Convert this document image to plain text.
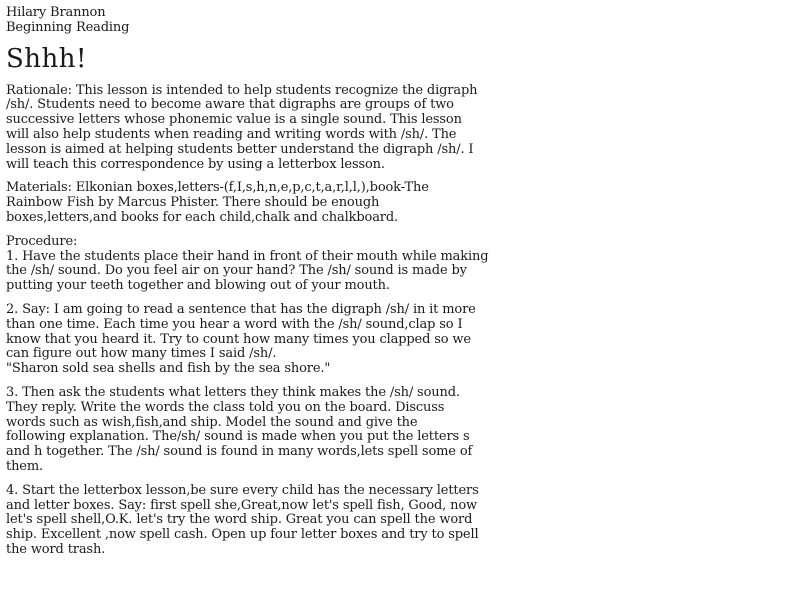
Hilary Brannon
Beginning Reading
Shhh!
Rationale: This lesson is intended to help students recognize the digraph
/sh/. Students need to become aware that digraphs are groups of two
successive letters whose phonemic value is a single sound. This lesson
will also help students when reading and writing words with /sh/. The
lesson is aimed at helping students better understand the digraph /sh/. I
will teach this correspondence by using a letterbox lesson.
Materials: Elkonian boxes,letters-(f,I,s,h,n,e,p,c,t,a,r,l,l,),book-The
Rainbow Fish by Marcus Phister. There should be enough
boxes,letters,and books for each child,chalk and chalkboard.
Procedure:
1. Have the students place their hand in front of their mouth while making
the /sh/ sound. Do you feel air on your hand? The /sh/ sound is made by
putting your teeth together and blowing out of your mouth.
2. Say: I am going to read a sentence that has the digraph /sh/ in it more
than one time. Each time you hear a word with the /sh/ sound,clap so I
know that you heard it. Try to count how many times you clapped so we
can figure out how many times I said /sh/.
"Sharon sold sea shells and fish by the sea shore."
3. Then ask the students what letters they think makes the /sh/ sound.
They reply. Write the words the class told you on the board. Discuss
words such as wish,fish,and ship. Model the sound and give the
following explanation. The/sh/ sound is made when you put the letters s
and h together. The /sh/ sound is found in many words,lets spell some of
them.
4. Start the letterbox lesson,be sure every child has the necessary letters
and letter boxes. Say: first spell she,Great,now let's spell fish, Good, now
let's spell shell,O.K. let's try the word ship. Great you can spell the word
ship. Excellent ,now spell cash. Open up four letter boxes and try to spell
the word trash.
